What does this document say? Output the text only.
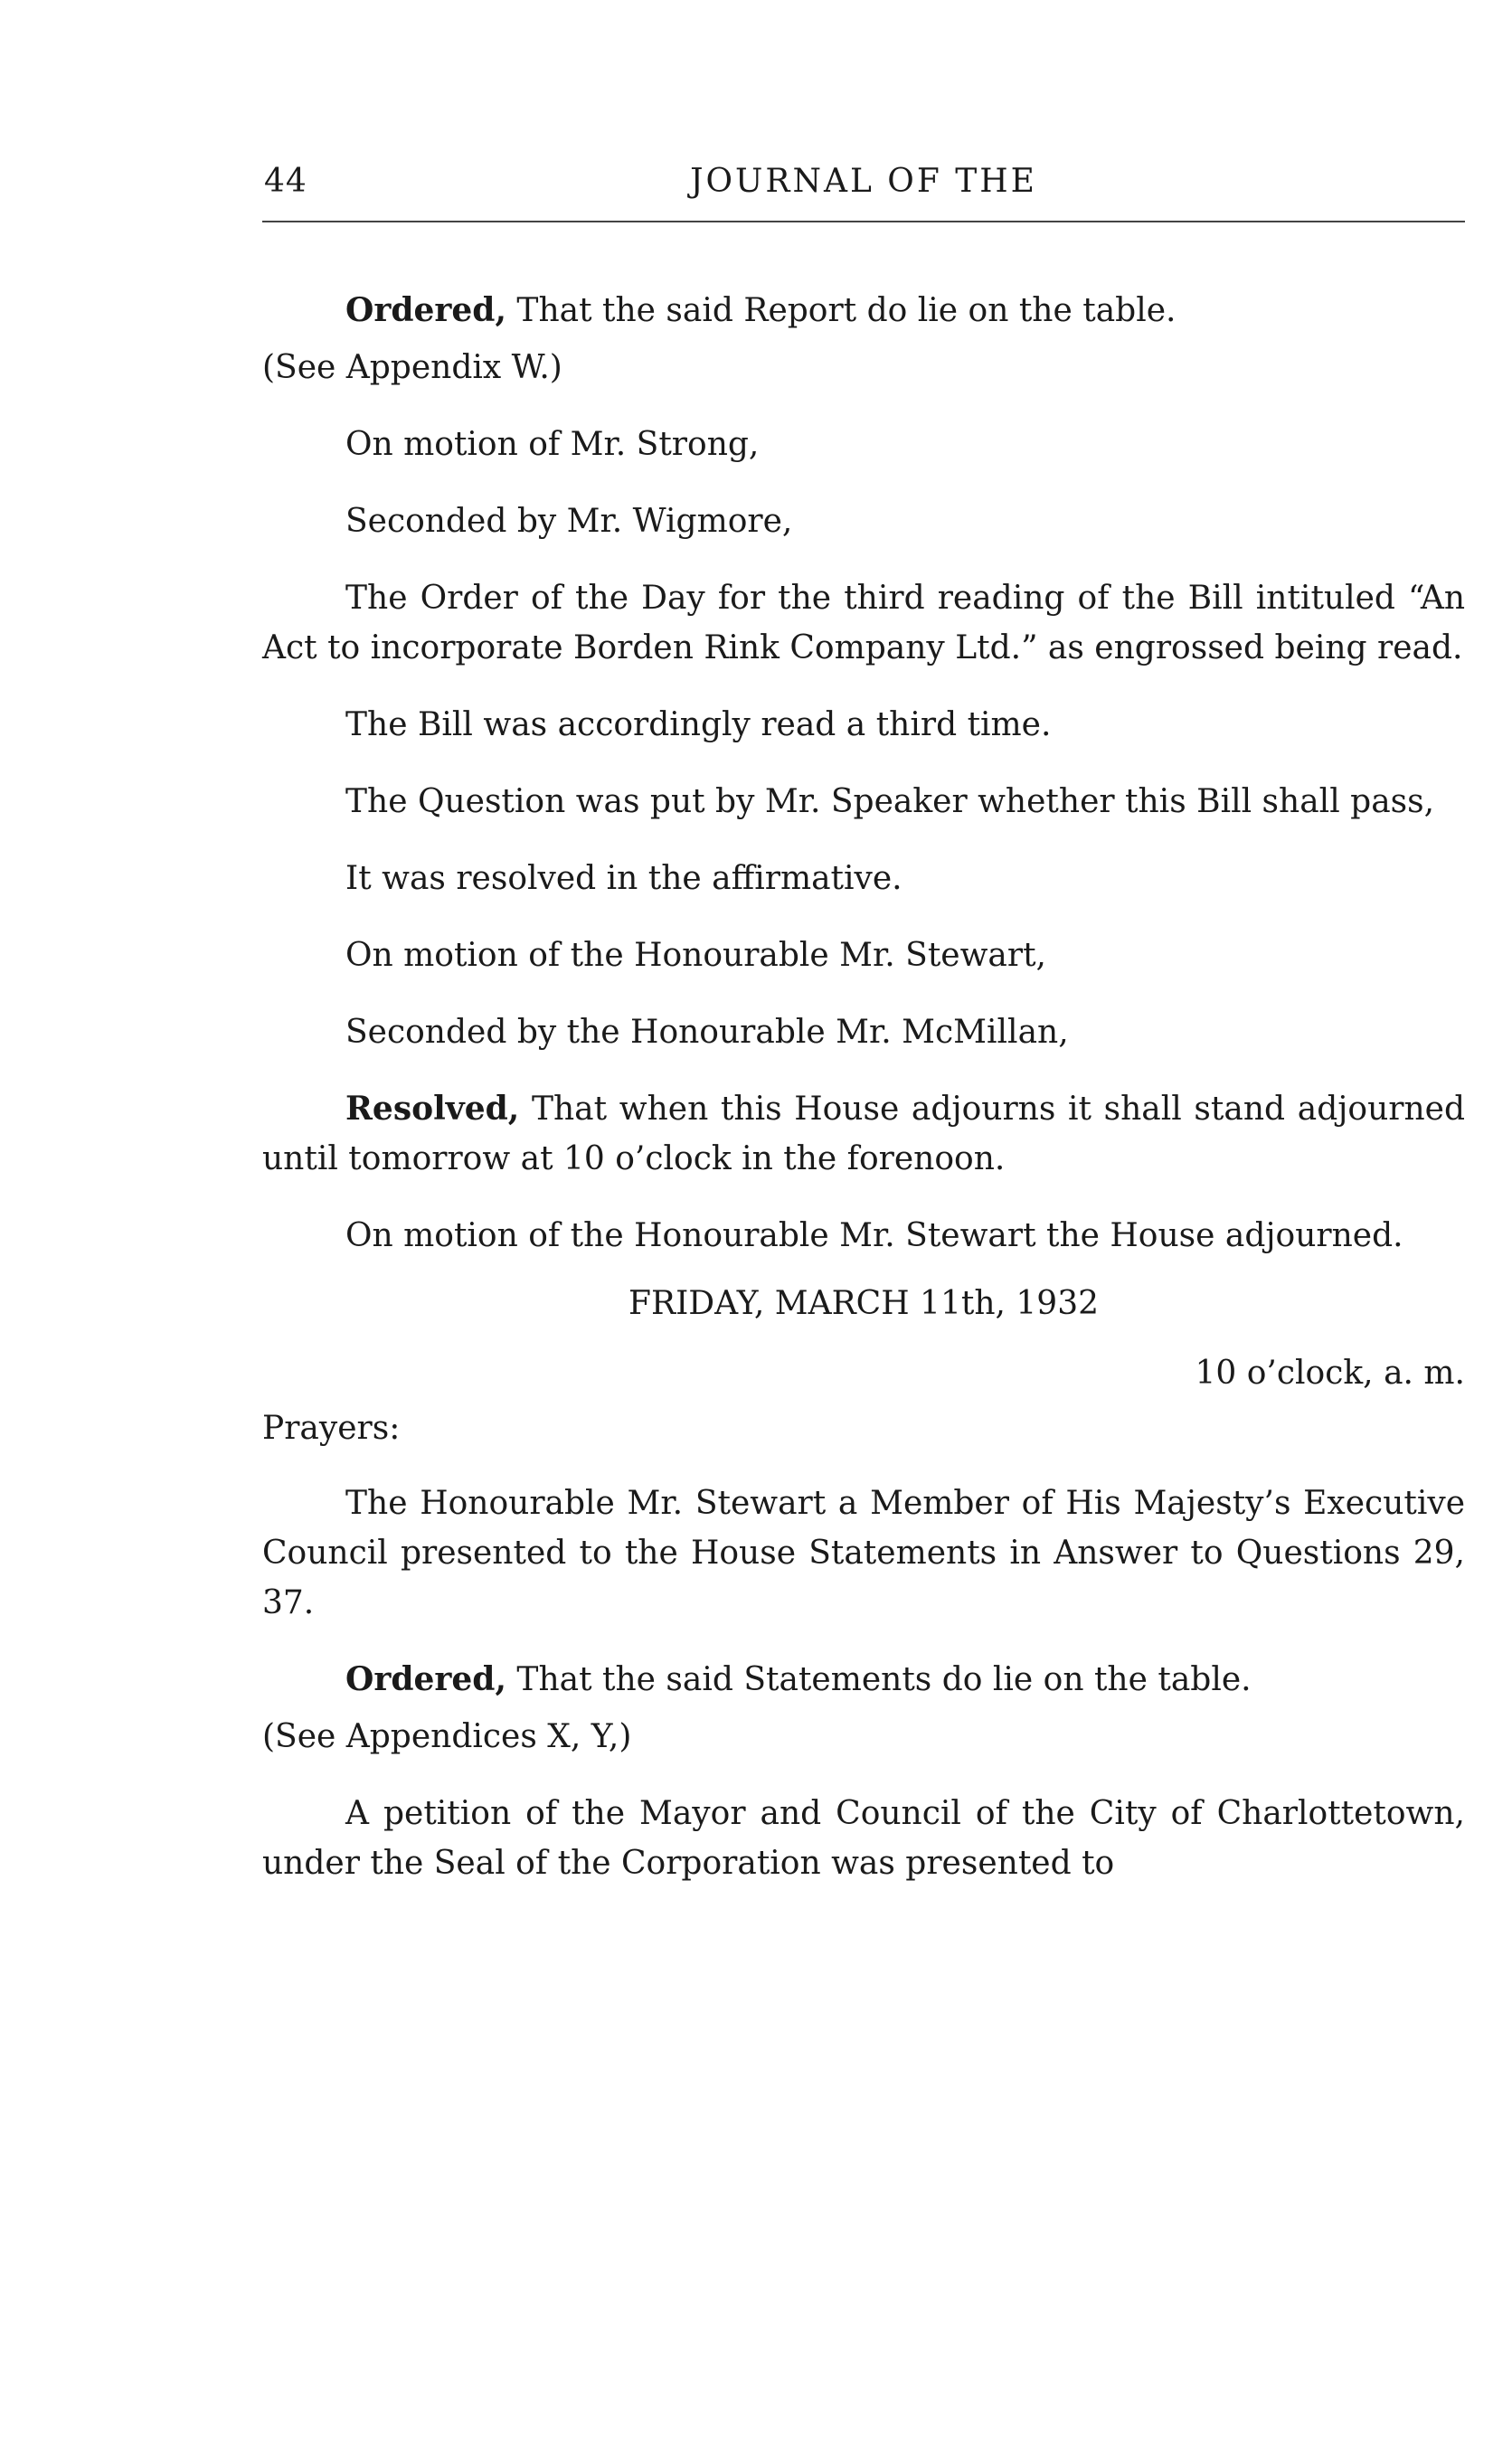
44	JOURNAL OF THE

Ordered, That the said Report do lie on the table.

(See Appendix W.)

On motion of Mr. Strong,

Seconded by Mr. Wigmore,

The Order of the Day for the third reading of the Bill intituled “An Act to incorporate Borden Rink Company Ltd.” as engrossed being read.

The Bill was accordingly read a third time.

The Question was put by Mr. Speaker whether this Bill shall pass,

It was resolved in the affirmative.

On motion of the Honourable Mr. Stewart,

Seconded by the Honourable Mr. McMillan,

Resolved, That when this House adjourns it shall stand adjourned until tomorrow at 10 o’clock in the forenoon.

On motion of the Honourable Mr. Stewart the House adjourned.

FRIDAY, MARCH 11th, 1932

10 o’clock, a. m.

Prayers:

The Honourable Mr. Stewart a Member of His Majesty’s Executive Council presented to the House Statements in Answer to Questions 29, 37.

Ordered, That the said Statements do lie on the table.

(See Appendices X, Y,)

A petition of the Mayor and Council of the City of Charlottetown, under the Seal of the Corporation was presented to
